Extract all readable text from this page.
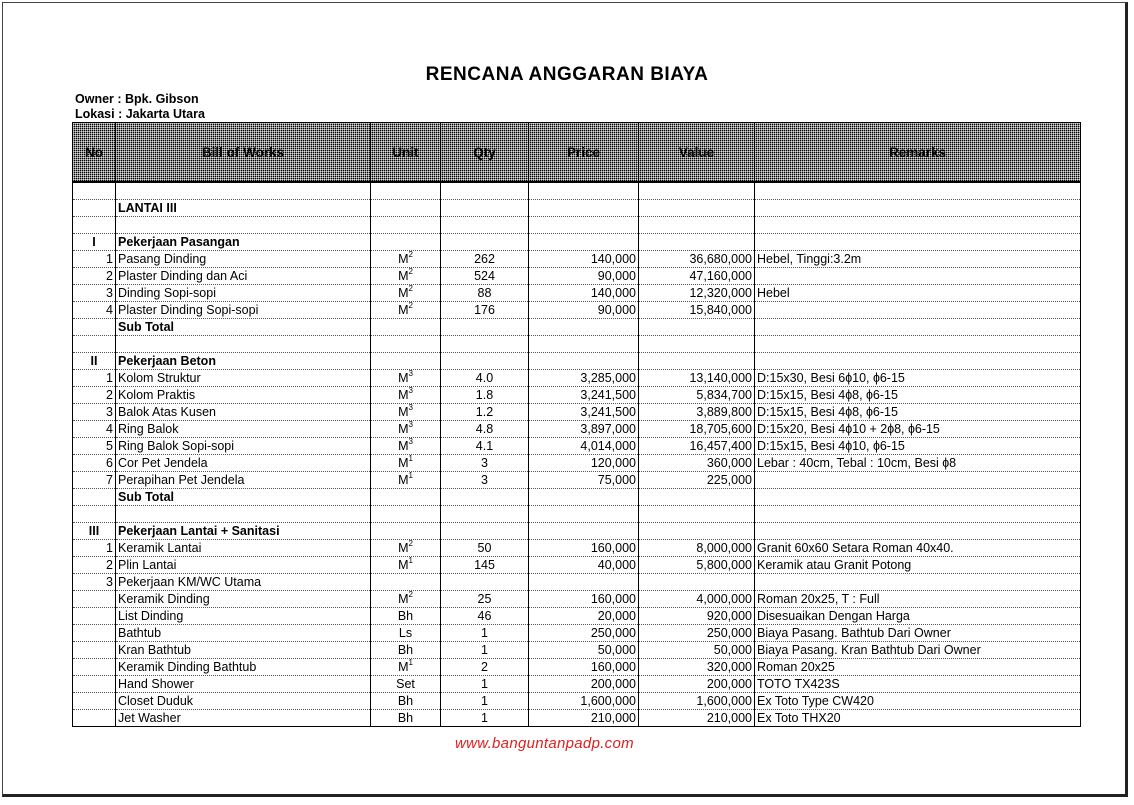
RENCANA ANGGARAN BIAYA
Owner : Bpk. Gibson
Lokasi : Jakarta Utara
No	Bill of Works	Unit	Qty	Price	Value	Remarks

	LANTAI III					

I	Pekerjaan Pasangan					
1	Pasang Dinding	$M^2$	262	140,000	36,680,000	Hebel, Tinggi:3.2m
2	Plaster Dinding dan Aci	$M^2$	524	90,000	47,160,000	
3	Dinding Sopi-sopi	$M^2$	88	140,000	12,320,000	Hebel
4	Plaster Dinding Sopi-sopi	$M^2$	176	90,000	15,840,000	
	Sub Total					

II	Pekerjaan Beton					
1	Kolom Struktur	$M^3$	4.0	3,285,000	13,140,000	D:15x30, Besi 6ɸ10, ɸ6-15
2	Kolom Praktis	$M^3$	1.8	3,241,500	5,834,700	D:15x15, Besi 4ɸ8, ɸ6-15
3	Balok Atas Kusen	$M^3$	1.2	3,241,500	3,889,800	D:15x15, Besi 4ɸ8, ɸ6-15
4	Ring Balok	$M^3$	4.8	3,897,000	18,705,600	D:15x20, Besi 4ɸ10 + 2ɸ8, ɸ6-15
5	Ring Balok Sopi-sopi	$M^3$	4.1	4,014,000	16,457,400	D:15x15, Besi 4ɸ10, ɸ6-15
6	Cor Pet Jendela	$M^1$	3	120,000	360,000	Lebar : 40cm, Tebal : 10cm, Besi ɸ8
7	Perapihan Pet Jendela	$M^1$	3	75,000	225,000	
	Sub Total					

III	Pekerjaan Lantai + Sanitasi					
1	Keramik Lantai	$M^2$	50	160,000	8,000,000	Granit 60x60 Setara Roman 40x40.
2	Plin Lantai	$M^1$	145	40,000	5,800,000	Keramik atau Granit Potong
3	Pekerjaan KM/WC Utama					
	Keramik Dinding	$M^2$	25	160,000	4,000,000	Roman 20x25, T : Full
	List Dinding	Bh	46	20,000	920,000	Disesuaikan Dengan Harga
	Bathtub	Ls	1	250,000	250,000	Biaya Pasang. Bathtub Dari Owner
	Kran Bathtub	Bh	1	50,000	50,000	Biaya Pasang. Kran Bathtub Dari Owner
	Keramik Dinding Bathtub	$M^1$	2	160,000	320,000	Roman 20x25
	Hand Shower	Set	1	200,000	200,000	TOTO TX423S
	Closet Duduk	Bh	1	1,600,000	1,600,000	Ex Toto Type CW420
	Jet Washer	Bh	1	210,000	210,000	Ex Toto THX20
www.banguntanpadp.com
